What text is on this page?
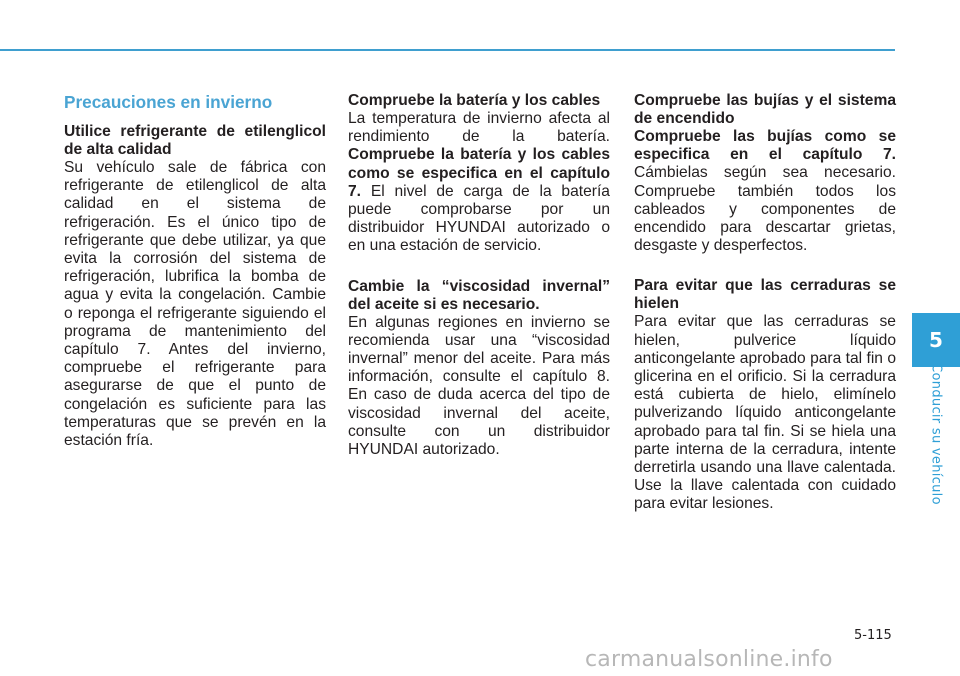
Precauciones en invierno

Utilice refrigerante de etilenglicol de alta calidad

Su vehículo sale de fábrica con refrigerante de etilenglicol de alta calidad en el sistema de refrigeración. Es el único tipo de refrigerante que debe utilizar, ya que evita la corrosión del sistema de refrigeración, lubrifica la bomba de agua y evita la congelación. Cambie o reponga el refrigerante siguiendo el programa de mantenimiento del capítulo 7. Antes del invierno, compruebe el refrigerante para asegurarse de que el punto de congelación es suficiente para las temperaturas que se prevén en la estación fría.

Compruebe la batería y los cables

La temperatura de invierno afecta al rendimiento de la batería. Compruebe la batería y los cables como se especifica en el capítulo 7. El nivel de carga de la batería puede comprobarse por un distribuidor HYUNDAI autorizado o en una estación de servicio.

Cambie la “viscosidad invernal” del aceite si es necesario.

En algunas regiones en invierno se recomienda usar una “viscosidad invernal” menor del aceite. Para más información, consulte el capítulo 8. En caso de duda acerca del tipo de viscosidad invernal del aceite, consulte con un distribuidor HYUNDAI autorizado.

Compruebe las bujías y el sistema de encendido

Compruebe las bujías como se especifica en el capítulo 7. Cámbielas según sea necesario. Compruebe también todos los cableados y componentes de encendido para descartar grietas, desgaste y desperfectos.

Para evitar que las cerraduras se hielen

Para evitar que las cerraduras se hielen, pulverice líquido anticongelante aprobado para tal fin o glicerina en el orificio. Si la cerradura está cubierta de hielo, elimínelo pulverizando líquido anticongelante aprobado para tal fin. Si se hiela una parte interna de la cerradura, intente derretirla usando una llave calentada. Use la llave calentada con cuidado para evitar lesiones.

5
Conducir su vehículo
5-115
carmanualsonline.info
